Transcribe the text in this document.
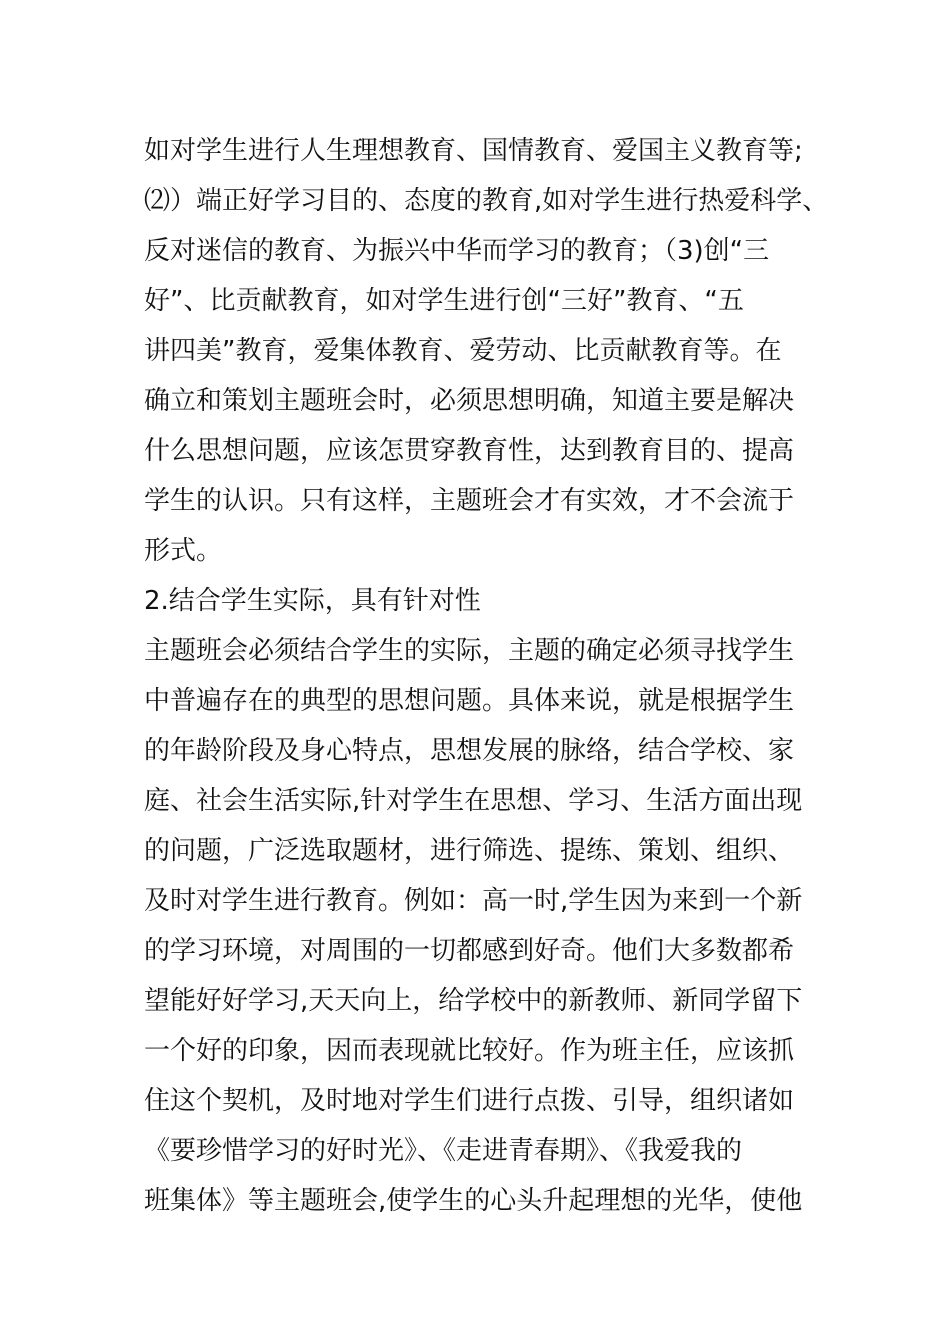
如对学生进行人生理想教育、国情教育、爱国主义教育等;
⑵）端正好学习目的、态度的教育,如对学生进行热爱科学、
反对迷信的教育、为振兴中华而学习的教育；（3)创“三
好”、比贡献教育，如对学生进行创“三好”教育、“五
讲四美”教育，爱集体教育、爱劳动、比贡献教育等。在
确立和策划主题班会时，必须思想明确，知道主要是解决
什么思想问题，应该怎贯穿教育性，达到教育目的、提高
学生的认识。只有这样，主题班会才有实效，才不会流于
形式。
2.结合学生实际，具有针对性
主题班会必须结合学生的实际，主题的确定必须寻找学生
中普遍存在的典型的思想问题。具体来说，就是根据学生
的年龄阶段及身心特点，思想发展的脉络，结合学校、家
庭、社会生活实际,针对学生在思想、学习、生活方面出现
的问题，广泛选取题材，进行筛选、提练、策划、组织、
及时对学生进行教育。例如：高一时,学生因为来到一个新
的学习环境，对周围的一切都感到好奇。他们大多数都希
望能好好学习,天天向上，给学校中的新教师、新同学留下
一个好的印象，因而表现就比较好。作为班主任，应该抓
住这个契机，及时地对学生们进行点拨、引导，组织诸如
《要珍惜学习的好时光》、《走进青春期》、《我爱我的
班集体》等主题班会,使学生的心头升起理想的光华，使他
